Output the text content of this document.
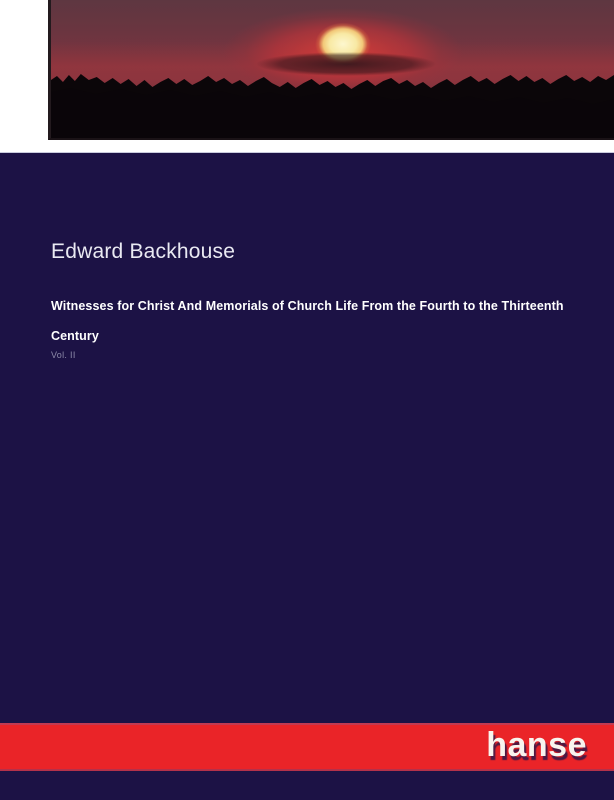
Edward Backhouse
Witnesses for Christ And Memorials of Church Life From the Fourth to the Thirteenth
Century
Vol. II
hanse
